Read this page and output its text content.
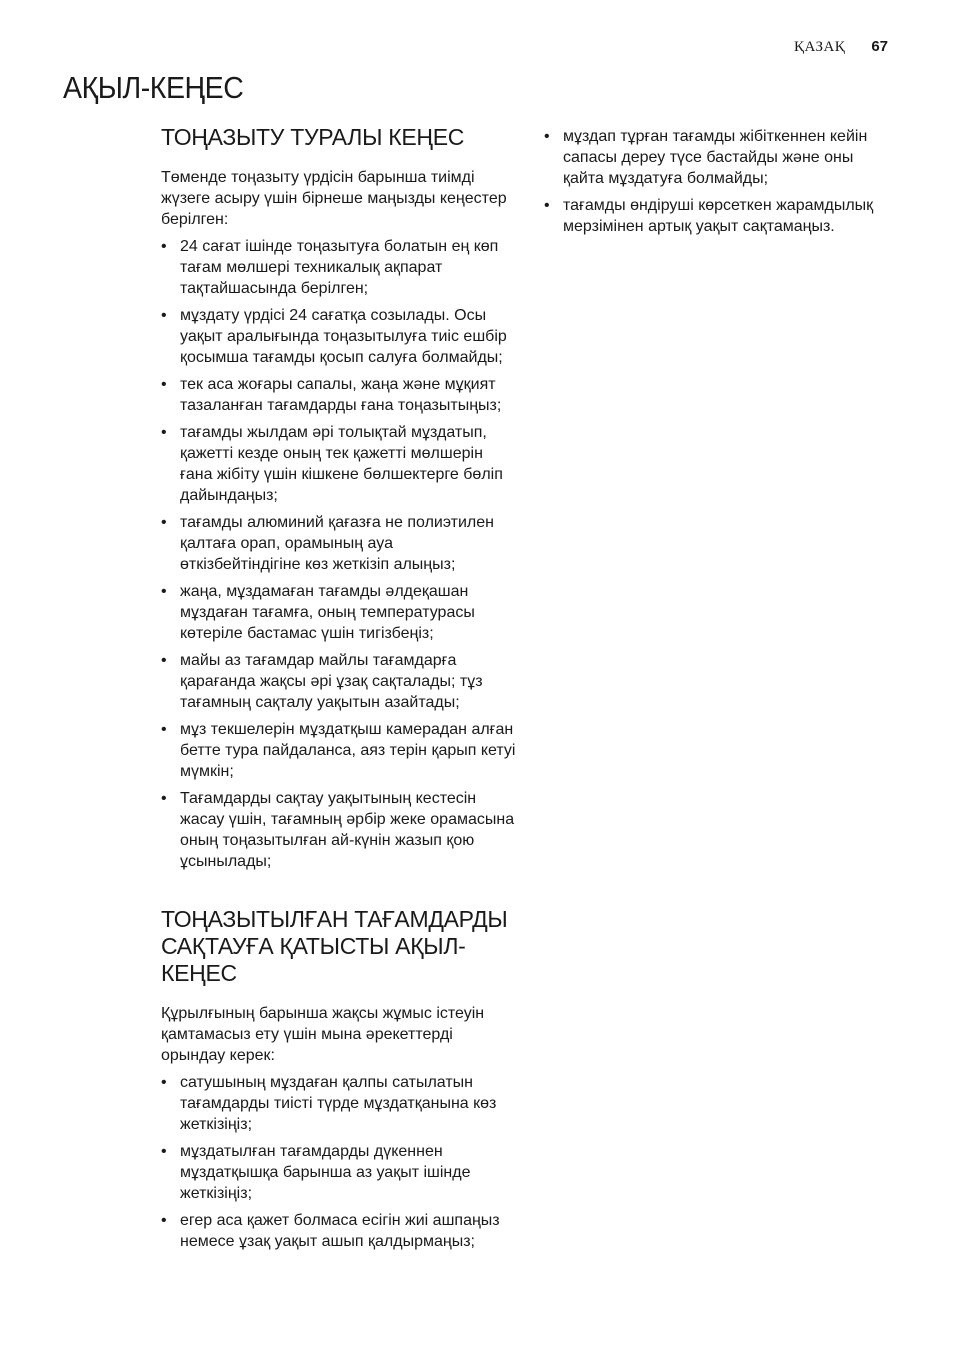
ҚАЗАҚ 67
АҚЫЛ-КЕҢЕС
ТОҢАЗЫТУ ТУРАЛЫ КЕҢЕС

Төменде тоңазыту үрдісін барынша тиімді жүзеге асыру үшін бірнеше маңызды кеңестер берілген:

• 24 сағат ішінде тоңазытуға болатын ең көп тағам мөлшері техникалық ақпарат тақтайшасында берілген;
• мұздату үрдісі 24 сағатқа созылады. Осы уақыт аралығында тоңазытылуға тиіс ешбір қосымша тағамды қосып салуға болмайды;
• тек аса жоғары сапалы, жаңа және мұқият тазаланған тағамдарды ғана тоңазытыңыз;
• тағамды жылдам әрі толықтай мұздатып, қажетті кезде оның тек қажетті мөлшерін ғана жібіту үшін кішкене бөлшектерге бөліп дайындаңыз;
• тағамды алюминий қағазға не полиэтилен қалтаға орап, орамының ауа өткізбейтіндігіне көз жеткізіп алыңыз;
• жаңа, мұздамаған тағамды әлдеқашан мұздаған тағамға, оның температурасы көтеріле бастамас үшін тигізбеңіз;
• майы аз тағамдар майлы тағамдарға қарағанда жақсы әрі ұзақ сақталады; тұз тағамның сақталу уақытын азайтады;
• мұз текшелерін мұздатқыш камерадан алған бетте тура пайдаланса, аяз терін қарып кетуі мүмкін;
• Тағамдарды сақтау уақытының кестесін жасау үшін, тағамның әрбір жеке орамасына оның тоңазытылған ай-күнін жазып қою ұсынылады;
ТОҢАЗЫТЫЛҒАН ТАҒАМДАРДЫ САҚТАУҒА ҚАТЫСТЫ АҚЫЛ-КЕҢЕС

Құрылғының барынша жақсы жұмыс істеуін қамтамасыз ету үшін мына әрекеттерді орындау керек:

• сатушының мұздаған қалпы сатылатын тағамдарды тиісті түрде мұздатқанына көз жеткізіңіз;
• мұздатылған тағамдарды дүкеннен мұздатқышқа барынша аз уақыт ішінде жеткізіңіз;
• егер аса қажет болмаса есігін жиі ашпаңыз немесе ұзақ уақыт ашып қалдырмаңыз;
• мұздап тұрған тағамды жібіткеннен кейін сапасы дереу түсе бастайды және оны қайта мұздатуға болмайды;
• тағамды өндіруші көрсеткен жарамдылық мерзімінен артық уақыт сақтамаңыз.
